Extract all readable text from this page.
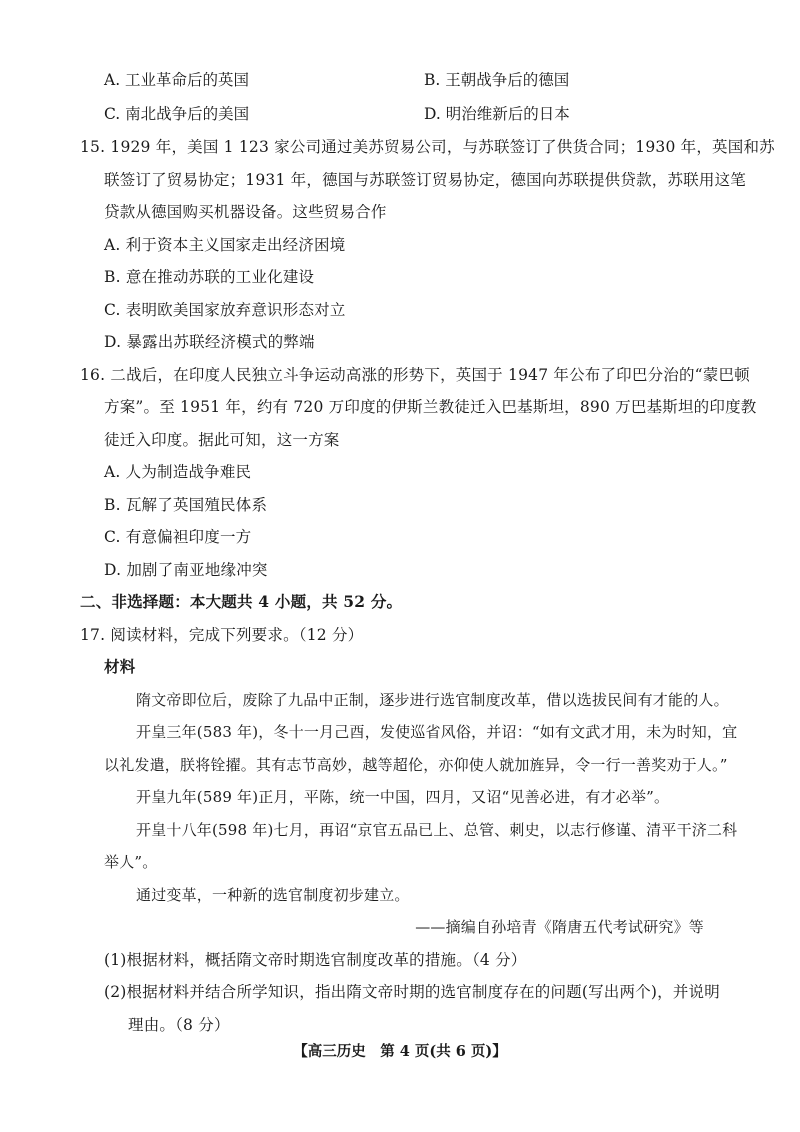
A. 工业革命后的英国	B. 王朝战争后的德国
C. 南北战争后的美国	D. 明治维新后的日本
15. 1929 年，美国 1 123 家公司通过美苏贸易公司，与苏联签订了供货合同；1930 年，英国和苏
联签订了贸易协定；1931 年，德国与苏联签订贸易协定，德国向苏联提供贷款，苏联用这笔
贷款从德国购买机器设备。这些贸易合作
A. 利于资本主义国家走出经济困境
B. 意在推动苏联的工业化建设
C. 表明欧美国家放弃意识形态对立
D. 暴露出苏联经济模式的弊端
16. 二战后，在印度人民独立斗争运动高涨的形势下，英国于 1947 年公布了印巴分治的“蒙巴顿
方案”。至 1951 年，约有 720 万印度的伊斯兰教徒迁入巴基斯坦，890 万巴基斯坦的印度教
徒迁入印度。据此可知，这一方案
A. 人为制造战争难民
B. 瓦解了英国殖民体系
C. 有意偏袒印度一方
D. 加剧了南亚地缘冲突
二、非选择题：本大题共 4 小题，共 52 分。
17. 阅读材料，完成下列要求。（12 分）
材料
隋文帝即位后，废除了九品中正制，逐步进行选官制度改革，借以选拔民间有才能的人。
开皇三年(583 年)，冬十一月己酉，发使巡省风俗，并诏：“如有文武才用，未为时知，宜
以礼发遣，朕将铨擢。其有志节高妙，越等超伦，亦仰使人就加旌异，令一行一善奖劝于人。”
开皇九年(589 年)正月，平陈，统一中国，四月，又诏“见善必进，有才必举”。
开皇十八年(598 年)七月，再诏“京官五品已上、总管、刺史，以志行修谨、清平干济二科
举人”。
通过变革，一种新的选官制度初步建立。
——摘编自孙培青《隋唐五代考试研究》等
(1)根据材料，概括隋文帝时期选官制度改革的措施。（4 分）
(2)根据材料并结合所学知识，指出隋文帝时期的选官制度存在的问题(写出两个)，并说明
理由。（8 分）
【高三历史　第 4 页(共 6 页)】
